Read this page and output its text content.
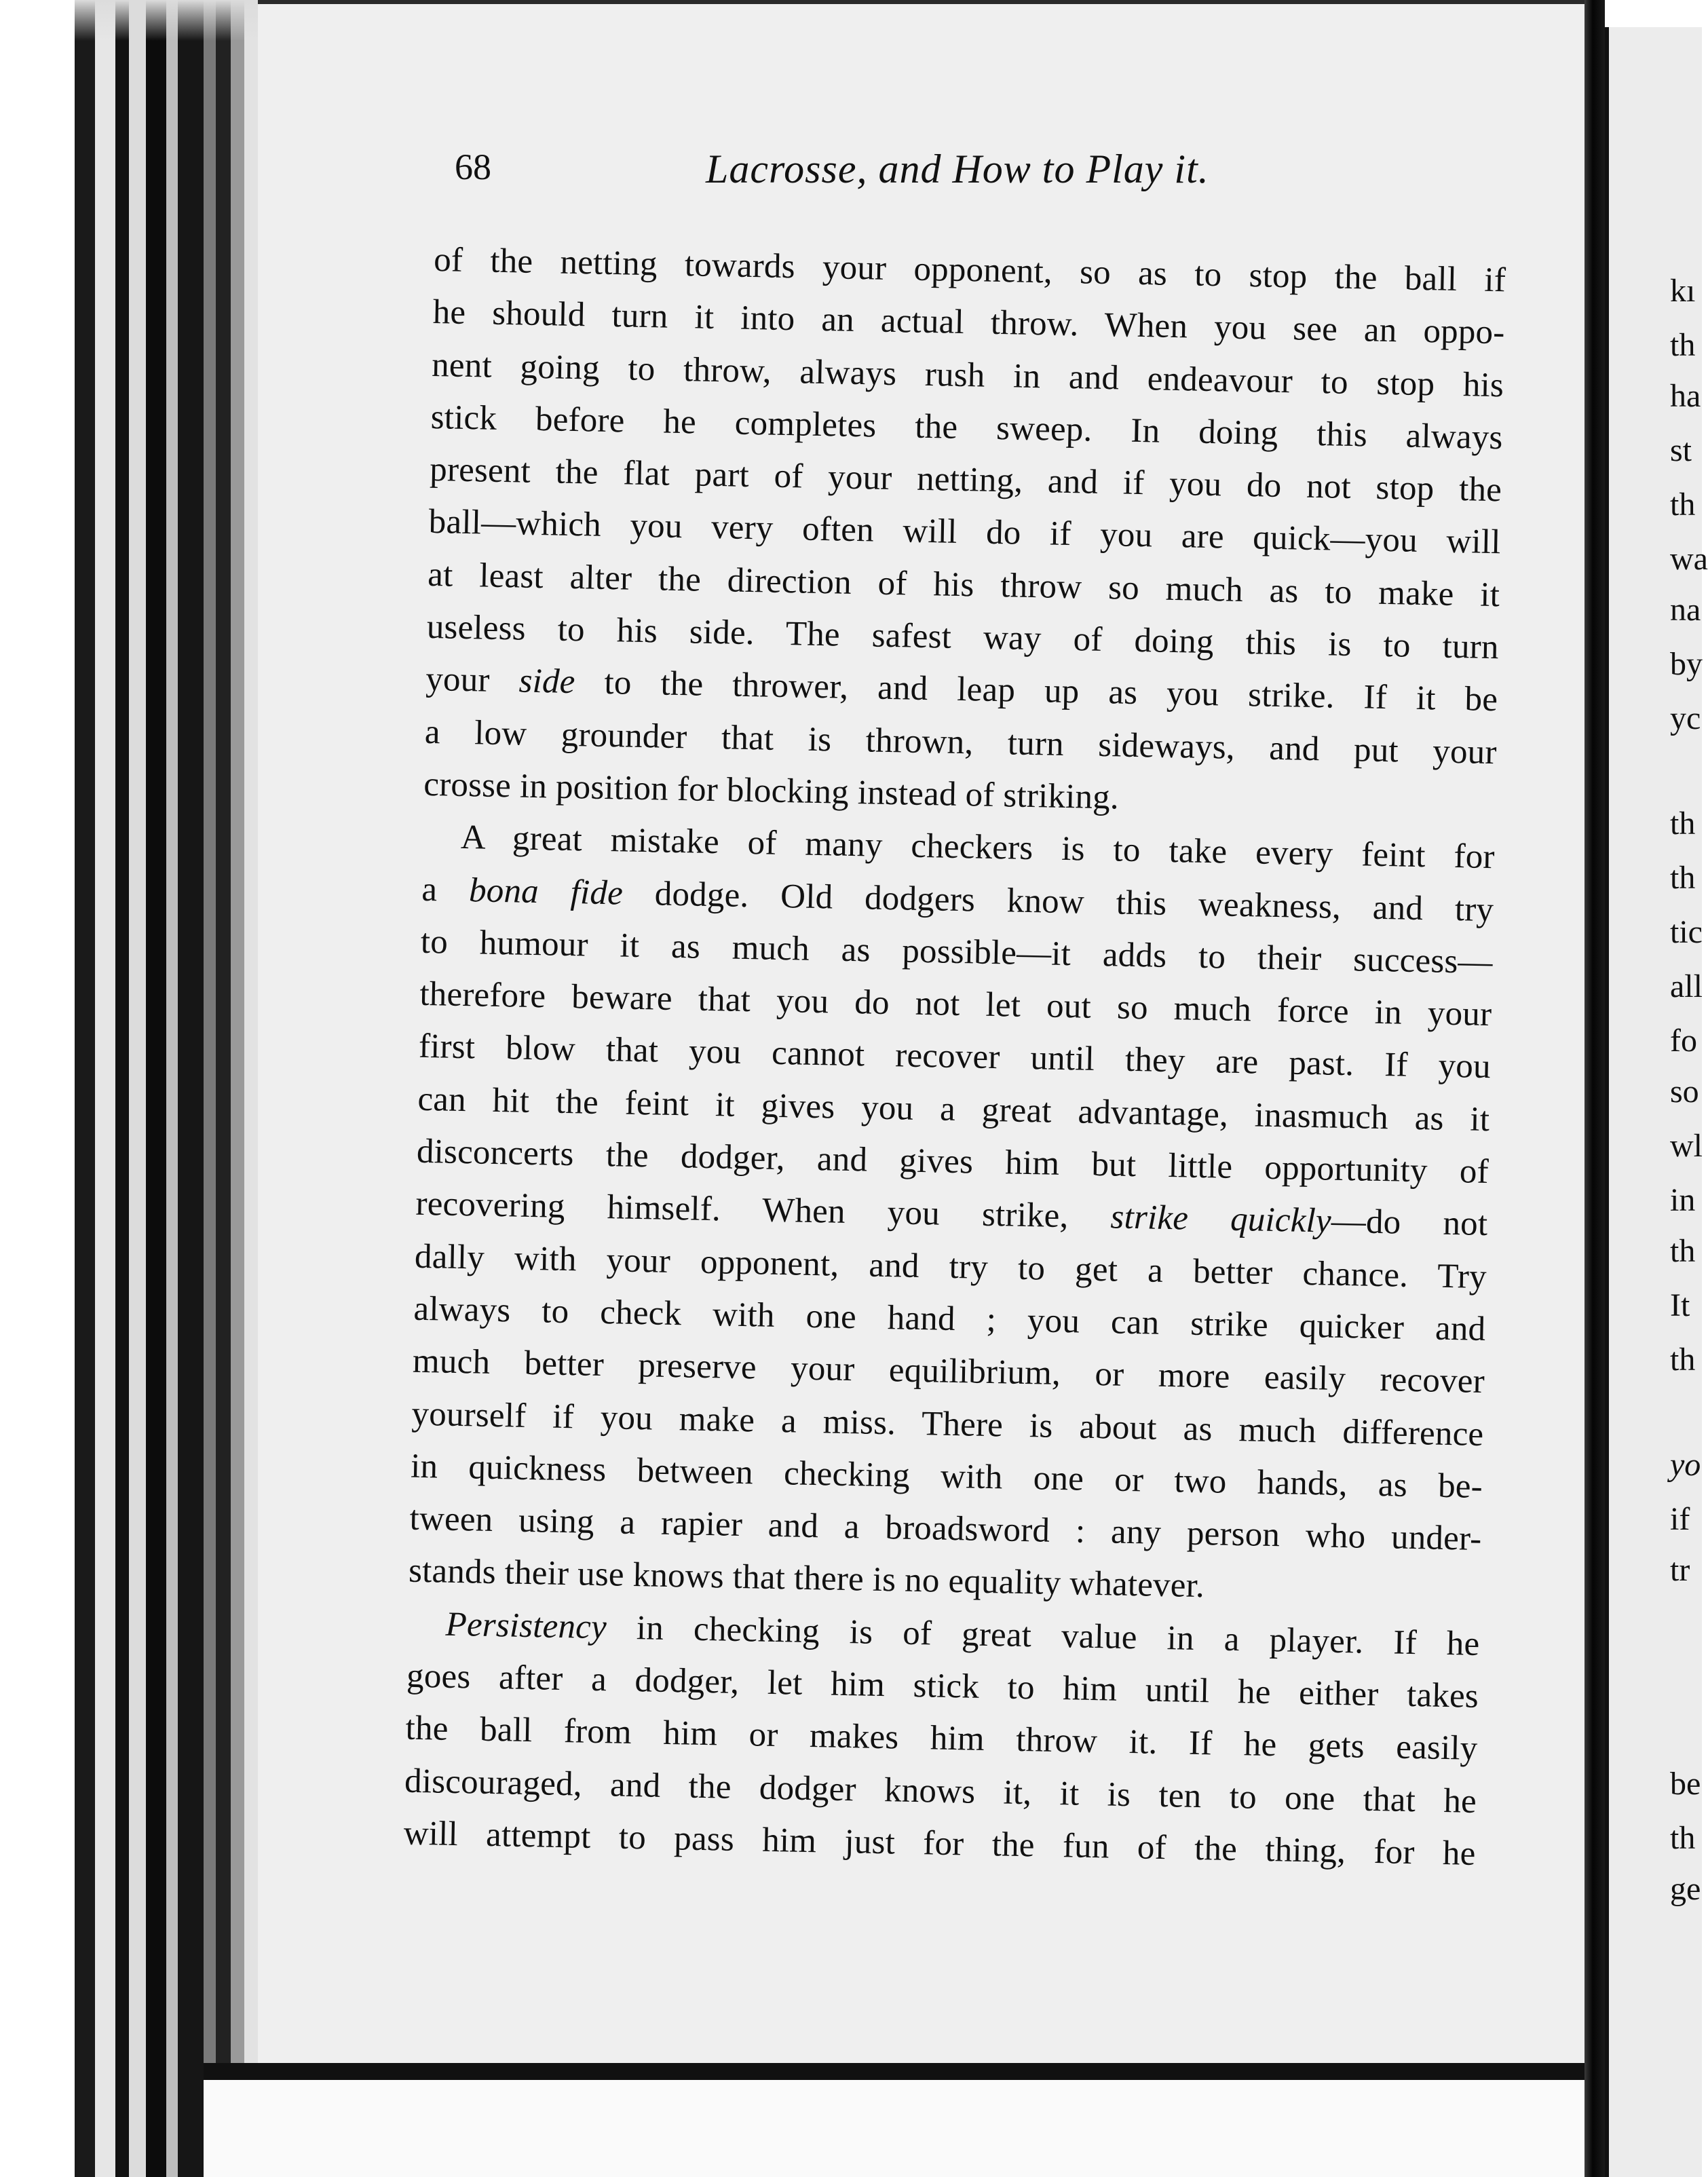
kı
th
ha
st
th
wa
na
by
yc
th
th
tic
all
fo
so
wl
in
th
It
th
yo
if
tr
be
th
ge
68	Lacrosse, and How to Play it.
of the netting towards your opponent, so as to stop the ball if
he should turn it into an actual throw. When you see an oppo-
nent going to throw, always rush in and endeavour to stop his
stick before he completes the sweep. In doing this always
present the flat part of your netting, and if you do not stop the
ball—which you very often will do if you are quick—you will
at least alter the direction of his throw so much as to make it
useless to his side. The safest way of doing this is to turn
your side to the thrower, and leap up as you strike. If it be
a low grounder that is thrown, turn sideways, and put your
crosse in position for blocking instead of striking.
A great mistake of many checkers is to take every feint for
a bona fide dodge. Old dodgers know this weakness, and try
to humour it as much as possible—it adds to their success—
therefore beware that you do not let out so much force in your
first blow that you cannot recover until they are past. If you
can hit the feint it gives you a great advantage, inasmuch as it
disconcerts the dodger, and gives him but little opportunity of
recovering himself. When you strike, strike quickly—do not
dally with your opponent, and try to get a better chance. Try
always to check with one hand ; you can strike quicker and
much better preserve your equilibrium, or more easily recover
yourself if you make a miss. There is about as much difference
in quickness between checking with one or two hands, as be-
tween using a rapier and a broadsword : any person who under-
stands their use knows that there is no equality whatever.
Persistency in checking is of great value in a player. If he
goes after a dodger, let him stick to him until he either takes
the ball from him or makes him throw it. If he gets easily
discouraged, and the dodger knows it, it is ten to one that he
will attempt to pass him just for the fun of the thing, for he
